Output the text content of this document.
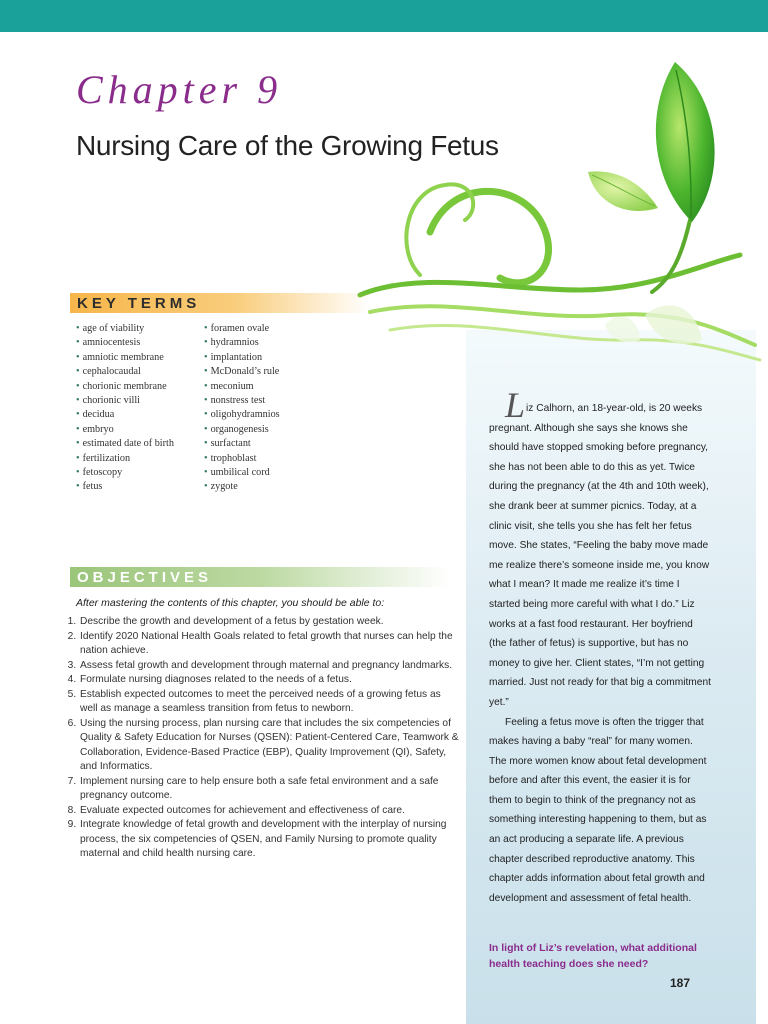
Chapter 9
Nursing Care of the Growing Fetus
KEY TERMS
• age of viability
• amniocentesis
• amniotic membrane
• cephalocaudal
• chorionic membrane
• chorionic villi
• decidua
• embryo
• estimated date of birth
• fertilization
• fetoscopy
• fetus
• foramen ovale
• hydramnios
• implantation
• McDonald’s rule
• meconium
• nonstress test
• oligohydramnios
• organogenesis
• surfactant
• trophoblast
• umbilical cord
• zygote
OBJECTIVES

After mastering the contents of this chapter, you should be able to:

1. Describe the growth and development of a fetus by gestation week.
2. Identify 2020 National Health Goals related to fetal growth that nurses can help the nation achieve.
3. Assess fetal growth and development through maternal and pregnancy landmarks.
4. Formulate nursing diagnoses related to the needs of a fetus.
5. Establish expected outcomes to meet the perceived needs of a growing fetus as well as manage a seamless transition from fetus to newborn.
6. Using the nursing process, plan nursing care that includes the six competencies of Quality & Safety Education for Nurses (QSEN): Patient-Centered Care, Teamwork & Collaboration, Evidence-Based Practice (EBP), Quality Improvement (QI), Safety, and Informatics.
7. Implement nursing care to help ensure both a safe fetal environment and a safe pregnancy outcome.
8. Evaluate expected outcomes for achievement and effectiveness of care.
9. Integrate knowledge of fetal growth and development with the interplay of nursing process, the six competencies of QSEN, and Family Nursing to promote quality maternal and child health nursing care.

Liz Calhorn, an 18-year-old, is 20 weeks pregnant. Although she says she knows she should have stopped smoking before pregnancy, she has not been able to do this as yet. Twice during the pregnancy (at the 4th and 10th week), she drank beer at summer picnics. Today, at a clinic visit, she tells you she has felt her fetus move. She states, “Feeling the baby move made me realize there’s someone inside me, you know what I mean? It made me realize it’s time I started being more careful with what I do.” Liz works at a fast food restaurant. Her boyfriend (the father of fetus) is supportive, but has no money to give her. Client states, “I’m not getting married. Just not ready for that big a commitment yet.”

Feeling a fetus move is often the trigger that makes having a baby “real” for many women. The more women know about fetal development before and after this event, the easier it is for them to begin to think of the pregnancy not as something interesting happening to them, but as an act producing a separate life. A previous chapter described reproductive anatomy. This chapter adds information about fetal growth and development and assessment of fetal health.

In light of Liz’s revelation, what additional health teaching does she need?

187
